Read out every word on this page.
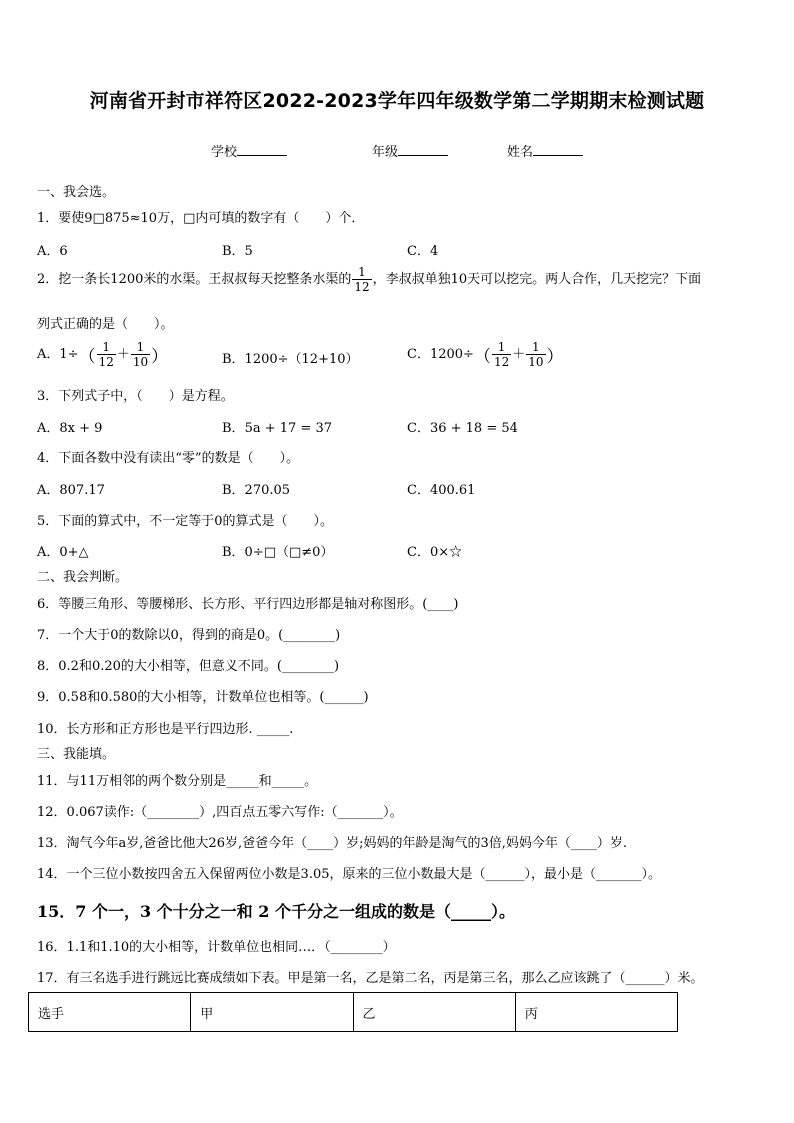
河南省开封市祥符区2022-2023学年四年级数学第二学期期末检测试题
学校	年级	姓名
一、我会选。
1．要使9□875≈10万，□内可填的数字有（　　）个．
A．6	B．5	C．4
2．挖一条长1200米的水渠。王叔叔每天挖整条水渠的 $\frac{1}{12}$ ，李叔叔单独10天可以挖完。两人合作，几天挖完？下面
列式正确的是（　　）。
A．$1\div( \frac{1}{12} + \frac{1}{10}$ ）	B．1200÷（12+10）	C．$1200\div( \frac{1}{12} + \frac{1}{10}$ ）
3．下列式子中，（　　）是方程。
A．8x + 9	B．5a + 17 = 37	C．36 + 18 = 54
4．下面各数中没有读出“零”的数是（　　）。
A．807.17	B．270.05	C．400.61
5．下面的算式中，不一定等于0的算式是（　　）。
A．0+△	B．0÷□（□≠0）	C．0×☆
二、我会判断。
6．等腰三角形、等腰梯形、长方形、平行四边形都是轴对称图形。(____)
7．一个大于0的数除以0，得到的商是0。(________)
8．0.2和0.20的大小相等，但意义不同。(________)
9．0.58和0.580的大小相等，计数单位也相等。(______)
10．长方形和正方形也是平行四边形. _____.
三、我能填。
11．与11万相邻的两个数分别是_____和_____。
12．0.067读作:（________）,四百点五零六写作:（_______）。
13．淘气今年a岁,爸爸比他大26岁,爸爸今年（____）岁;妈妈的年龄是淘气的3倍,妈妈今年（____）岁.
14．一个三位小数按四舍五入保留两位小数是3.05，原来的三位小数最大是（______），最小是（_______）。
15．7 个一，3 个十分之一和 2 个千分之一组成的数是（_____）。
16．1.1和1.10的大小相等，计数单位也相同…．（________）
17．有三名选手进行跳远比赛成绩如下表。甲是第一名，乙是第二名，丙是第三名，那么乙应该跳了（______）米。
选手	甲	乙	丙
